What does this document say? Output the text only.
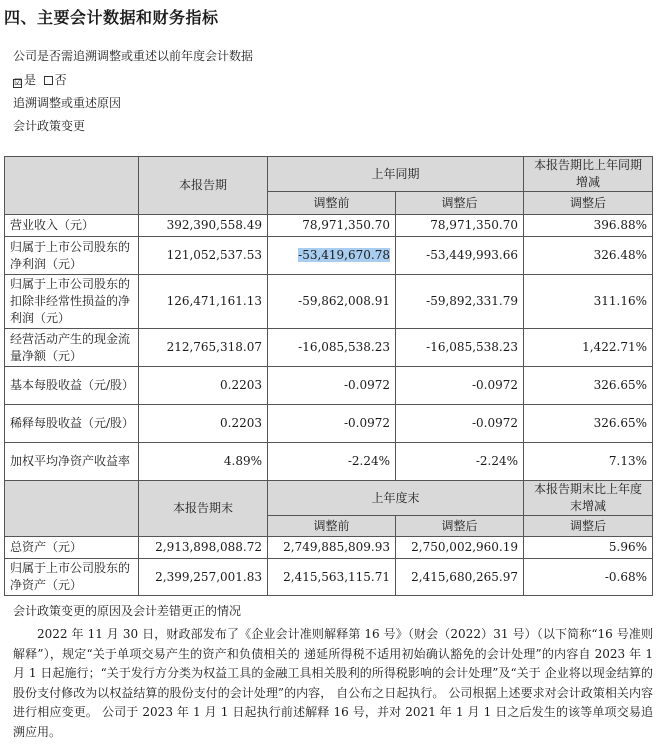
四、主要会计数据和财务指标
公司是否需追溯调整或重述以前年度会计数据
☑ 是 否
追溯调整或重述原因
会计政策变更
	本报告期	上年同期		本报告期比上年同期增减
		调整前	调整后	调整后
营业收入（元）	392,390,558.49	78,971,350.70	78,971,350.70	396.88%
归属于上市公司股东的净利润（元）	121,052,537.53	-53,419,670.78	-53,449,993.66	326.48%
归属于上市公司股东的扣除非经常性损益的净利润（元）	126,471,161.13	-59,862,008.91	-59,892,331.79	311.16%
经营活动产生的现金流量净额（元）	212,765,318.07	-16,085,538.23	-16,085,538.23	1,422.71%
基本每股收益（元/股）	0.2203	-0.0972	-0.0972	326.65%
稀释每股收益（元/股）	0.2203	-0.0972	-0.0972	326.65%
加权平均净资产收益率	4.89%	-2.24%	-2.24%	7.13%
	本报告期末	上年度末		本报告期末比上年度末增减
		调整前	调整后	调整后
总资产（元）	2,913,898,088.72	2,749,885,809.93	2,750,002,960.19	5.96%
归属于上市公司股东的净资产（元）	2,399,257,001.83	2,415,563,115.71	2,415,680,265.97	-0.68%
会计政策变更的原因及会计差错更正的情况
2022 年 11 月 30 日，财政部发布了《企业会计准则解释第 16 号》（财会（2022）31 号）（以下简称“16 号准则解释”），规定“关于单项交易产生的资产和负债相关的 递延所得税不适用初始确认豁免的会计处理”的内容自 2023 年 1 月 1 日起施行；“关于发行方分类为权益工具的金融工具相关股利的所得税影响的会计处理”及“关于 企业将以现金结算的股份支付修改为以权益结算的股份支付的会计处理”的内容， 自公布之日起执行。 公司根据上述要求对会计政策相关内容进行相应变更。 公司于 2023 年 1 月 1 日起执行前述解释 16 号，并对 2021 年 1 月 1 日之后发生的该等单项交易追溯应用。
